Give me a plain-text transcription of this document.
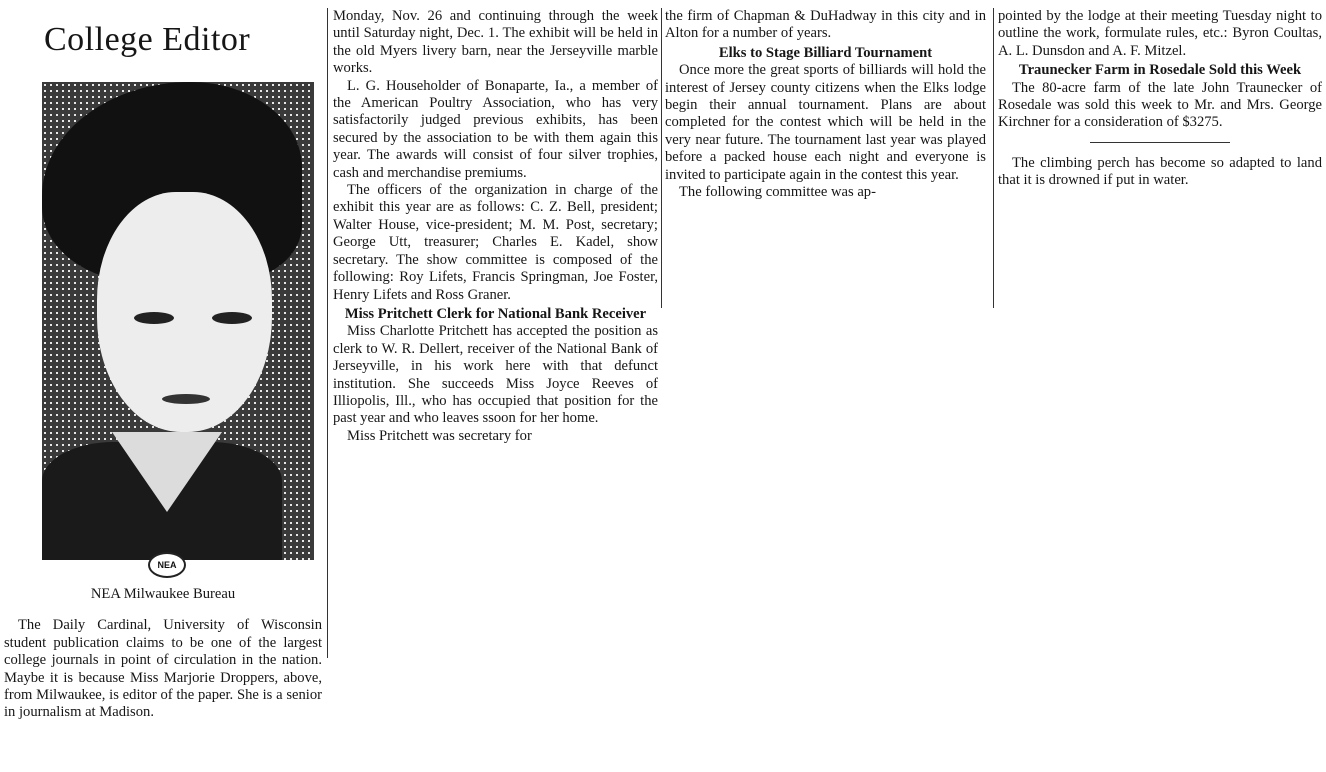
College Editor
NEA
NEA Milwaukee Bureau

The Daily Cardinal, University of Wisconsin student publication claims to be one of the largest college journals in point of circulation in the nation. Maybe it is because Miss Marjorie Droppers, above, from Milwaukee, is editor of the paper. She is a senior in journalism at Madison.

Monday, Nov. 26 and continuing through the week until Saturday night, Dec. 1. The exhibit will be held in the old Myers livery barn, near the Jerseyville marble works.

L. G. Householder of Bonaparte, Ia., a member of the American Poultry Association, who has very satisfactorily judged previous exhibits, has been secured by the association to be with them again this year. The awards will consist of four silver trophies, cash and merchandise premiums.

The officers of the organization in charge of the exhibit this year are as follows: C. Z. Bell, president; Walter House, vice-president; M. M. Post, secretary; George Utt, treasurer; Charles E. Kadel, show secretary. The show committee is composed of the following: Roy Lifets, Francis Springman, Joe Foster, Henry Lifets and Ross Graner.

Miss Pritchett Clerk for National Bank Receiver

Miss Charlotte Pritchett has accepted the position as clerk to W. R. Dellert, receiver of the National Bank of Jerseyville, in his work here with that defunct institution. She succeeds Miss Joyce Reeves of Illiopolis, Ill., who has occupied that position for the past year and who leaves ssoon for her home.

Miss Pritchett was secretary for

the firm of Chapman & DuHadway in this city and in Alton for a number of years.

Elks to Stage Billiard Tournament

Once more the great sports of billiards will hold the interest of Jersey county citizens when the Elks lodge begin their annual tournament. Plans are about completed for the contest which will be held in the very near future. The tournament last year was played before a packed house each night and everyone is invited to participate again in the contest this year.

The following committee was ap-

pointed by the lodge at their meeting Tuesday night to outline the work, formulate rules, etc.: Byron Coultas, A. L. Dunsdon and A. F. Mitzel.

Traunecker Farm in Rosedale Sold this Week

The 80-acre farm of the late John Traunecker of Rosedale was sold this week to Mr. and Mrs. George Kirchner for a consideration of $3275.

The climbing perch has become so adapted to land that it is drowned if put in water.
